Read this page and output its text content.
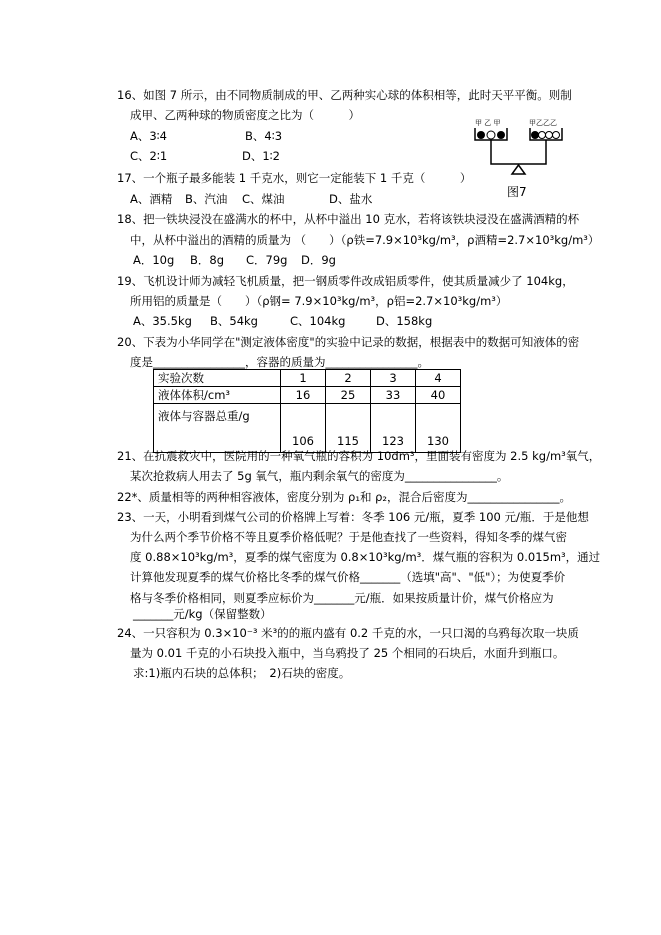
16、如图 7 所示，由不同物质制成的甲、乙两种实心球的体积相等，此时天平平衡。则制
成甲、乙两种球的物质密度之比为（　　　）
A、3∶4	B、4∶3
C、2∶1	D、1∶2
甲 乙 甲	甲乙乙乙
图7
17、一个瓶子最多能装 1 千克水，则它一定能装下 1 千克（　　　）
A、酒精 B、汽油 C、煤油	D、盐水
18、把一铁块浸没在盛满水的杯中，从杯中溢出 10 克水，若将该铁块浸没在盛满酒精的杯
中，从杯中溢出的酒精的质量为 （　　）（ρ铁=7.9×10³kg/m³，ρ酒精=2.7×10³kg/m³）
A．10g B．8g C．79g D．9g
19、飞机设计师为减轻飞机质量，把一钢质零件改成铝质零件，使其质量减少了 104kg，
所用铝的质量是（　　）（ρ钢= 7.9×10³kg/m³，ρ铝=2.7×10³kg/m³）
A、35.5kg B、54kg	C、104kg	D、158kg
20、下表为小华同学在"测定液体密度"的实验中记录的数据，根据表中的数据可知液体的密
度是________________，容器的质量为________________。
实验次数	1	2	3	4
液体体积/cm³	16	25	33	40
液体与容器总重/g	106	115	123	130
21、在抗震救灾中，医院用的一种氧气瓶的容积为 10dm³，里面装有密度为 2.5 kg/m³氧气，
某次抢救病人用去了 5g 氧气，瓶内剩余氧气的密度为________________。
22*、质量相等的两种相容液体，密度分别为 ρ₁和 ρ₂，混合后密度为________________。
23、一天，小明看到煤气公司的价格牌上写着：冬季 106 元/瓶，夏季 100 元/瓶．于是他想
为什么两个季节价格不等且夏季价格低呢？于是他查找了一些资料，得知冬季的煤气密
度 0.88×10³kg/m³，夏季的煤气密度为 0.8×10³kg/m³．煤气瓶的容积为 0.015m³，通过
计算他发现夏季的煤气价格比冬季的煤气价格_______（选填"高"、"低"）；为使夏季价
格与冬季价格相同，则夏季应标价为_______元/瓶．如果按质量计价，煤气价格应为
_______元/kg（保留整数）
24、一只容积为 0.3×10⁻³ 米³的的瓶内盛有 0.2 千克的水，一只口渴的乌鸦每次取一块质
量为 0.01 千克的小石块投入瓶中，当乌鸦投了 25 个相同的石块后，水面升到瓶口。
求:1)瓶内石块的总体积；　2)石块的密度。
